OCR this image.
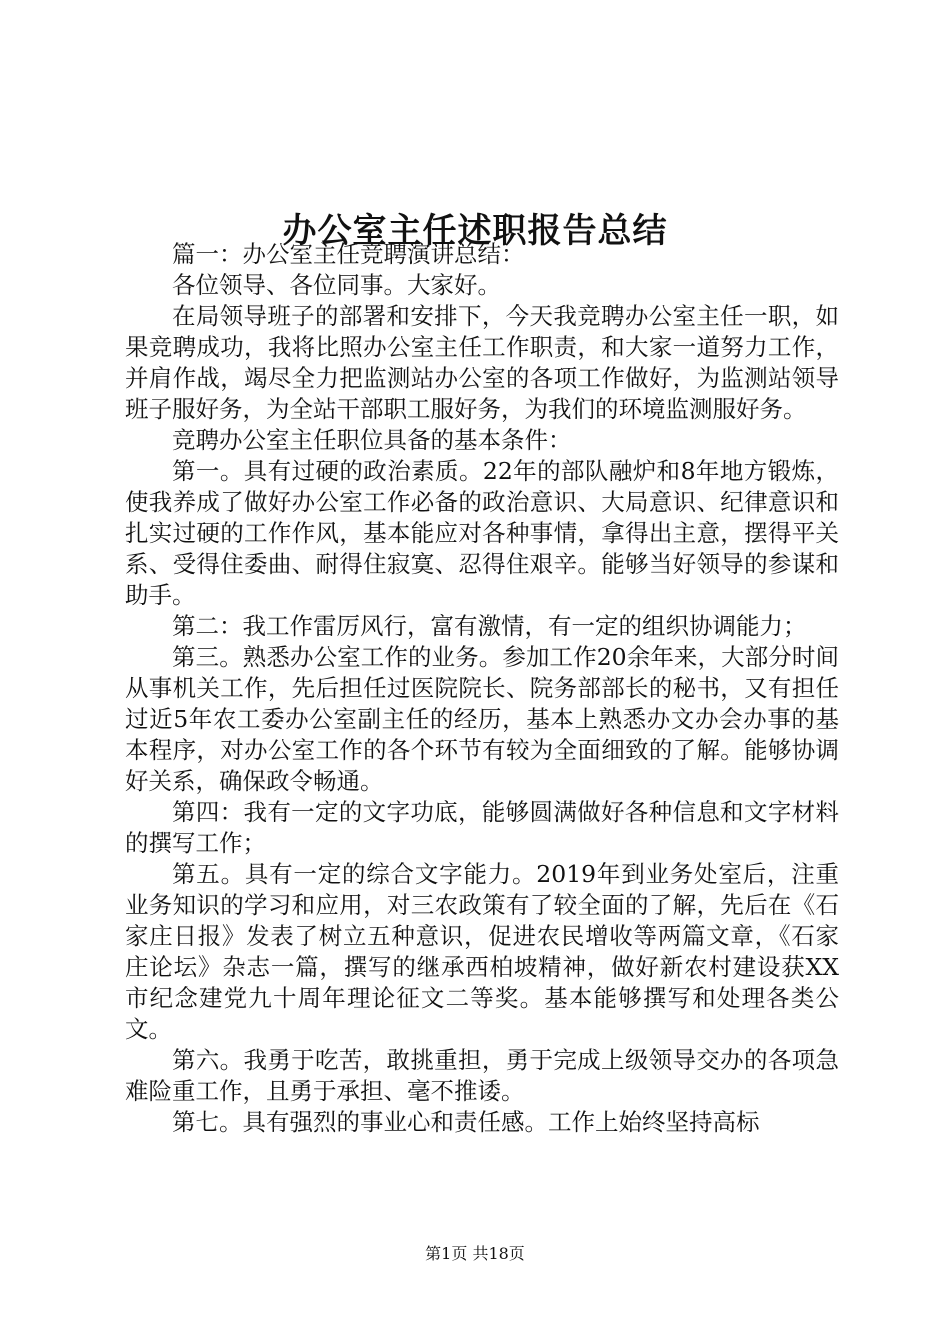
办公室主任述职报告总结

篇一：办公室主任竞聘演讲总结：

各位领导、各位同事。大家好。

在局领导班子的部署和安排下，今天我竞聘办公室主任一职，如果竞聘成功，我将比照办公室主任工作职责，和大家一道努力工作，并肩作战，竭尽全力把监测站办公室的各项工作做好，为监测站领导班子服好务，为全站干部职工服好务，为我们的环境监测服好务。

竞聘办公室主任职位具备的基本条件：

第一。具有过硬的政治素质。22年的部队融炉和8年地方锻炼，使我养成了做好办公室工作必备的政治意识、大局意识、纪律意识和扎实过硬的工作作风，基本能应对各种事情，拿得出主意，摆得平关系、受得住委曲、耐得住寂寞、忍得住艰辛。能够当好领导的参谋和助手。

第二：我工作雷厉风行，富有激情，有一定的组织协调能力；

第三。熟悉办公室工作的业务。参加工作20余年来，大部分时间从事机关工作，先后担任过医院院长、院务部部长的秘书，又有担任过近5年农工委办公室副主任的经历，基本上熟悉办文办会办事的基本程序，对办公室工作的各个环节有较为全面细致的了解。能够协调好关系，确保政令畅通。

第四：我有一定的文字功底，能够圆满做好各种信息和文字材料的撰写工作；

第五。具有一定的综合文字能力。2019年到业务处室后，注重业务知识的学习和应用，对三农政策有了较全面的了解，先后在《石家庄日报》发表了树立五种意识，促进农民增收等两篇文章，《石家庄论坛》杂志一篇，撰写的继承西柏坡精神，做好新农村建设获XX市纪念建党九十周年理论征文二等奖。基本能够撰写和处理各类公文。

第六。我勇于吃苦，敢挑重担，勇于完成上级领导交办的各项急难险重工作，且勇于承担、毫不推诿。

第七。具有强烈的事业心和责任感。工作上始终坚持高标

第1页 共18页
